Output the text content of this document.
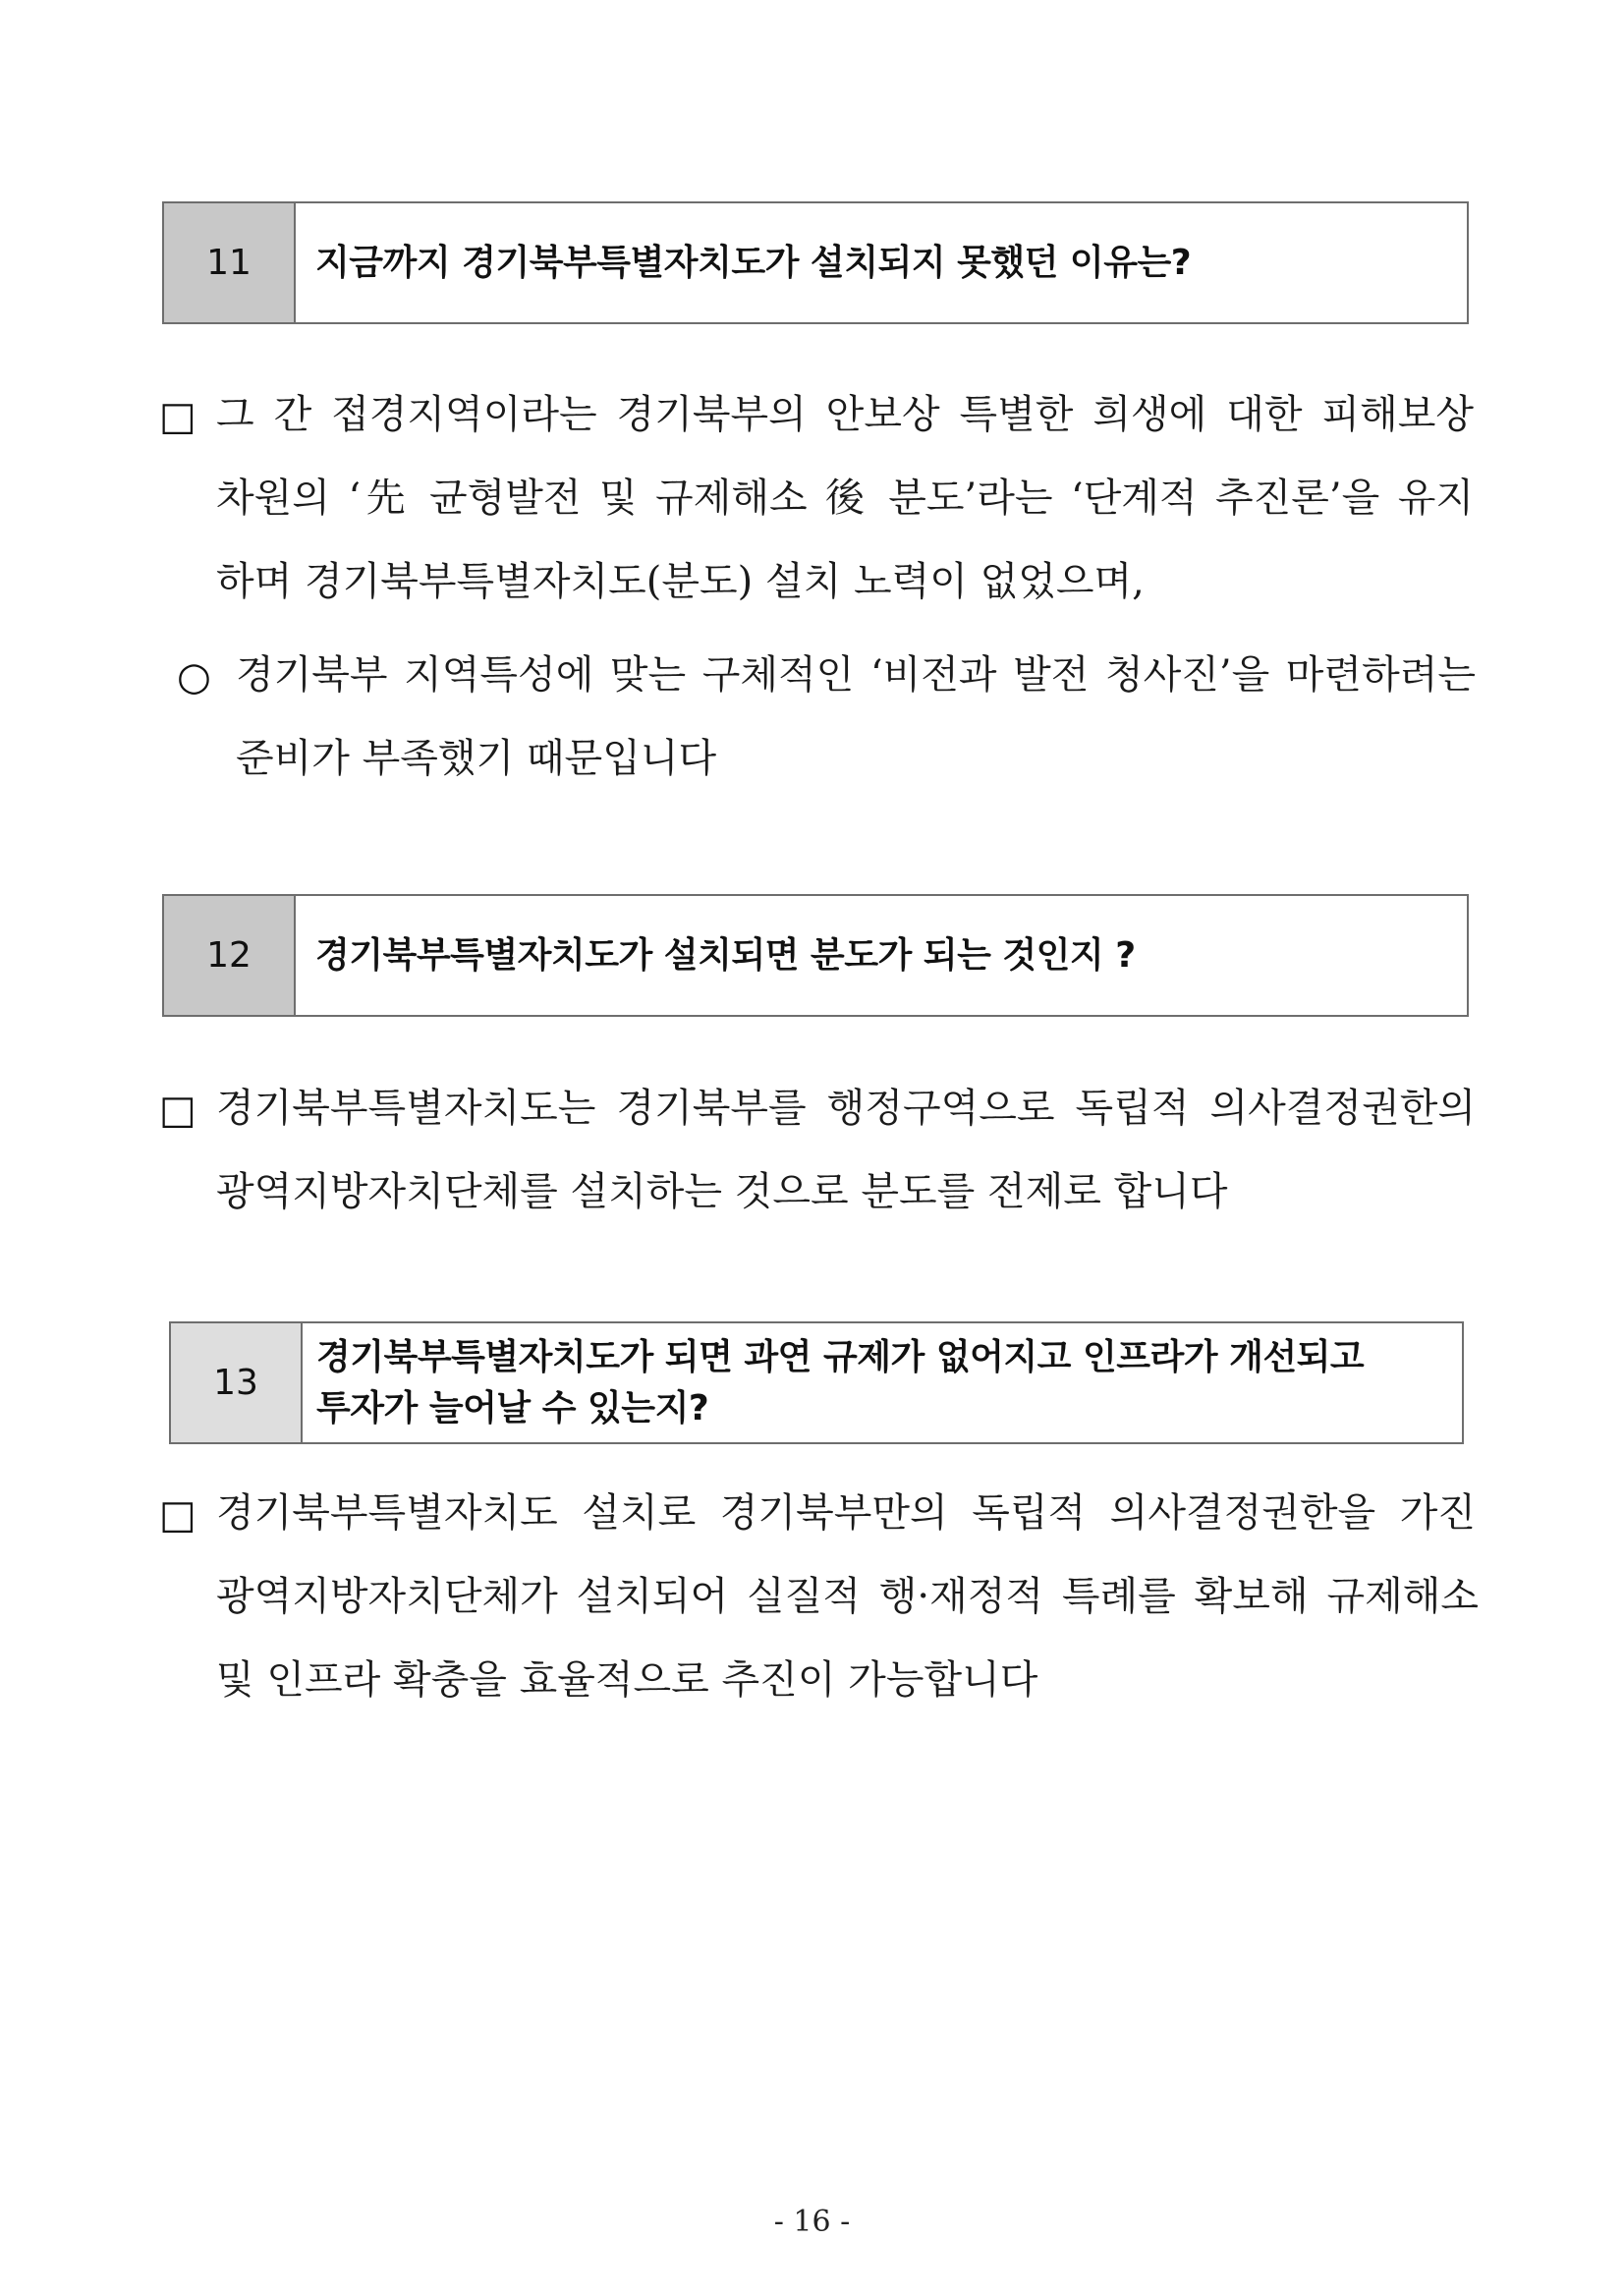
11	지금까지 경기북부특별자치도가 설치되지 못했던 이유는?
□ 그 간 접경지역이라는 경기북부의 안보상 특별한 희생에 대한 피해보상
차원의 ‘先 균형발전 및 규제해소 後 분도’라는 ‘단계적 추진론’을 유지
하며 경기북부특별자치도(분도) 설치 노력이 없었으며,
○ 경기북부 지역특성에 맞는 구체적인 ‘비전과 발전 청사진’을 마련하려는
준비가 부족했기 때문입니다
12	경기북부특별자치도가 설치되면 분도가 되는 것인지 ?
□ 경기북부특별자치도는 경기북부를 행정구역으로 독립적 의사결정권한의
광역지방자치단체를 설치하는 것으로 분도를 전제로 합니다
13
경기북부특별자치도가 되면 과연 규제가 없어지고 인프라가 개선되고
투자가 늘어날 수 있는지?
□ 경기북부특별자치도 설치로 경기북부만의 독립적 의사결정권한을 가진
광역지방자치단체가 설치되어 실질적 행·재정적 특례를 확보해 규제해소
및 인프라 확충을 효율적으로 추진이 가능합니다
- 16 -
